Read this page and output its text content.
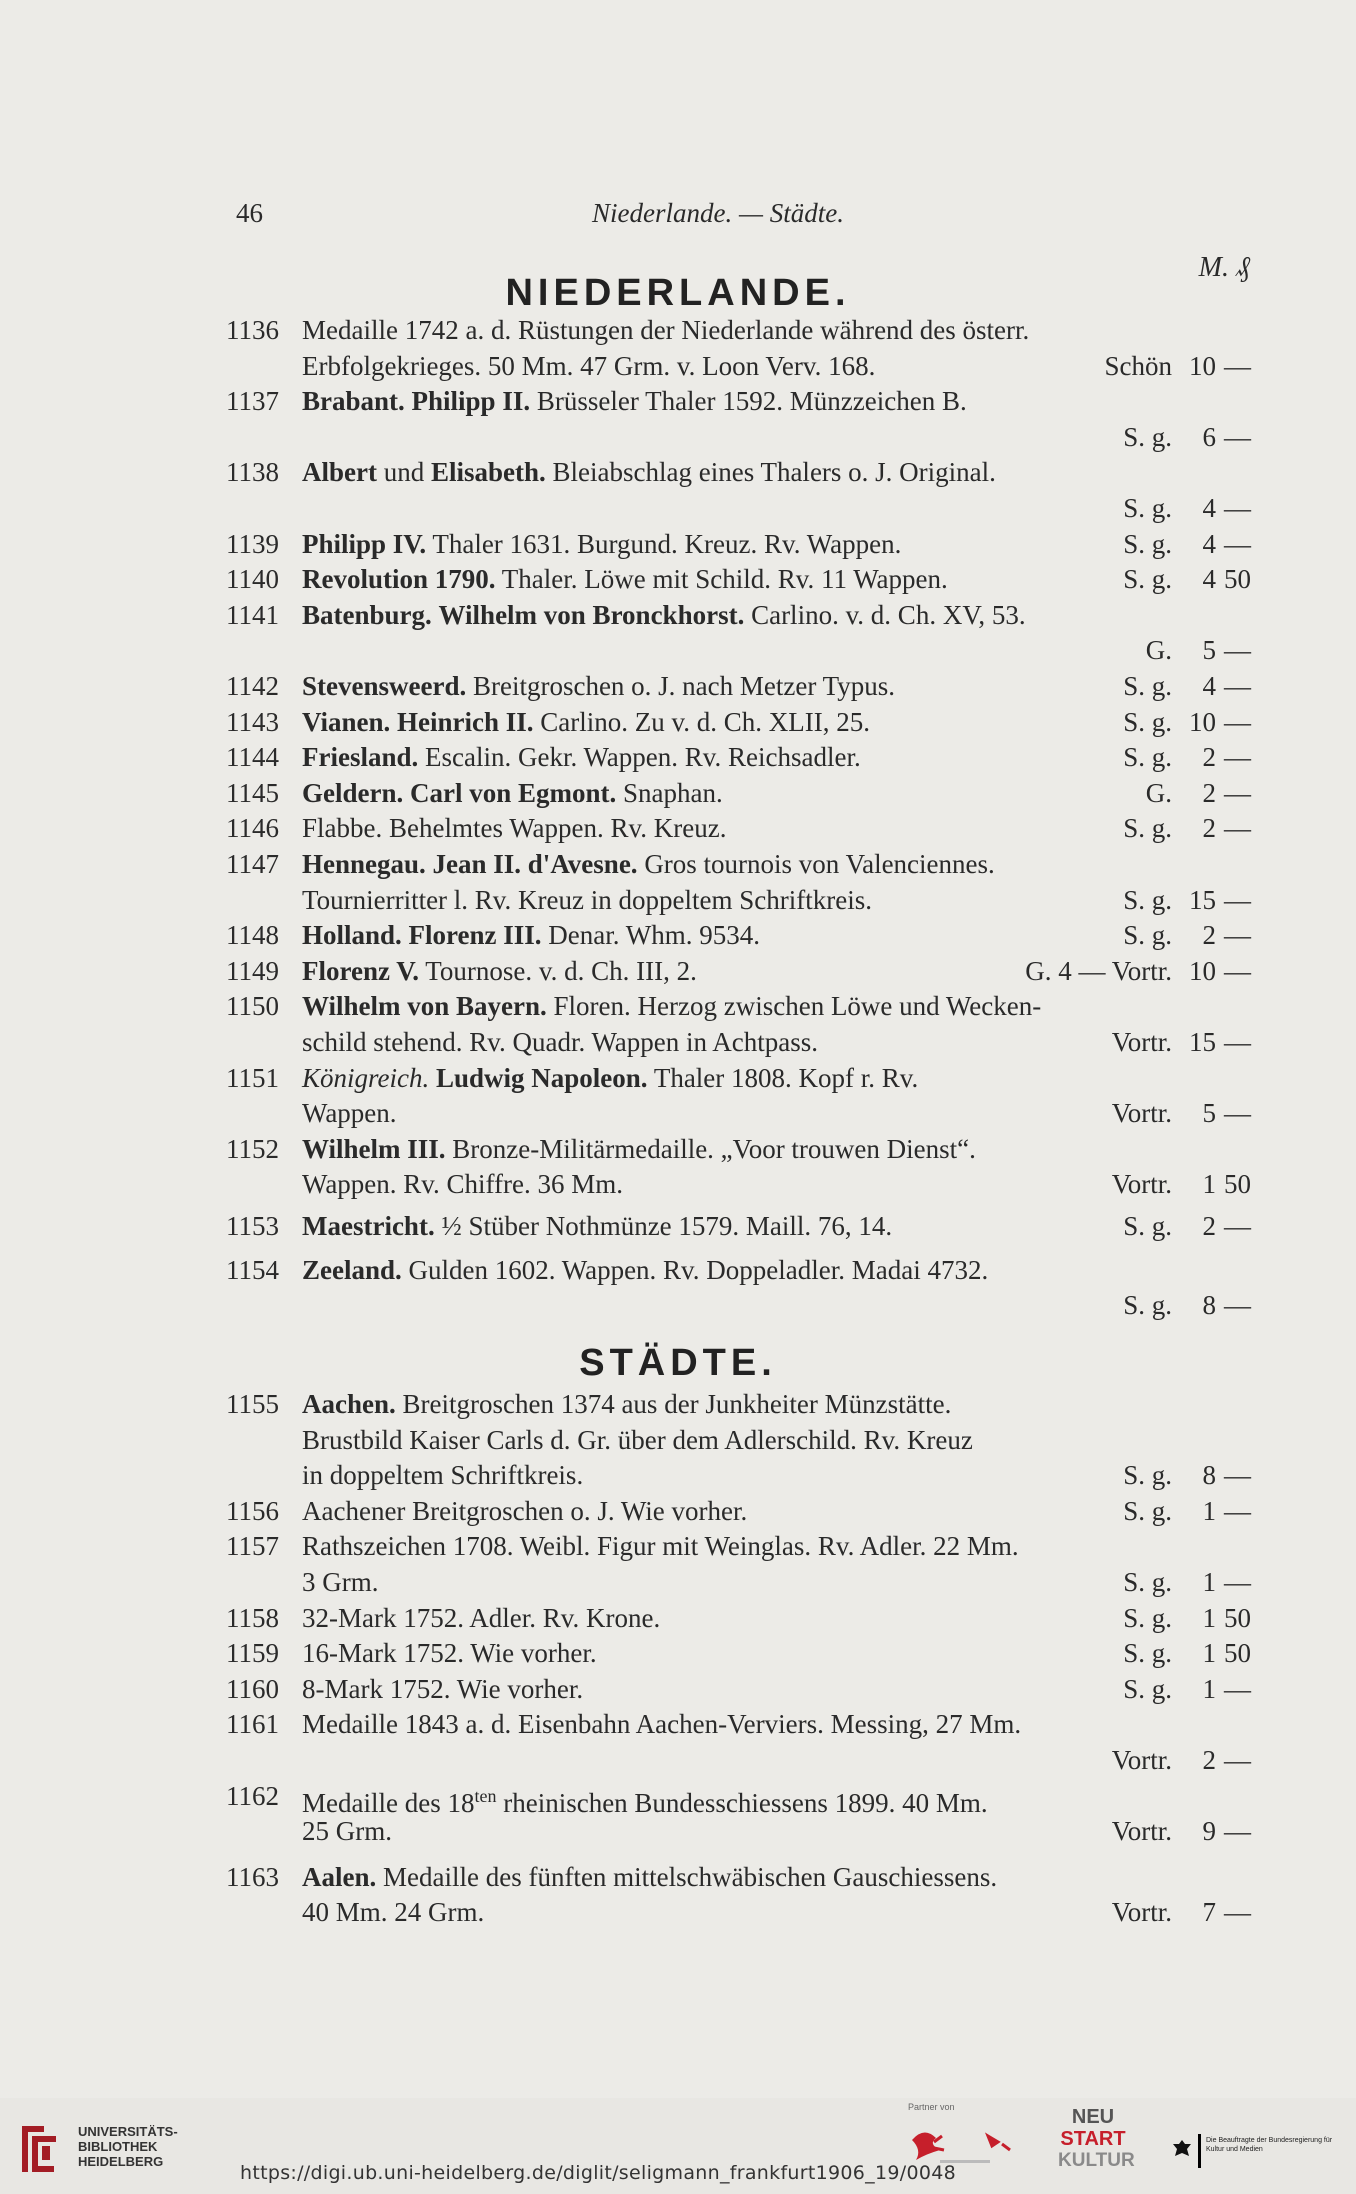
46	Niederlande. — Städte.
M. ₰
NIEDERLANDE.
1136 Medaille 1742 a. d. Rüstungen der Niederlande während des österr.
Erbfolgekrieges. 50 Mm. 47 Grm. v. Loon Verv. 168.	Schön 10 —
1137 Brabant. Philipp II. Brüsseler Thaler 1592. Münzzeichen B.
S. g.	6 —
1138 Albert und Elisabeth. Bleiabschlag eines Thalers o. J. Original.
S. g.	4 —
1139 Philipp IV. Thaler 1631. Burgund. Kreuz. Rv. Wappen.	S. g.	4 —
1140 Revolution 1790. Thaler. Löwe mit Schild. Rv. 11 Wappen.	S. g.	4 50
1141 Batenburg. Wilhelm von Bronckhorst. Carlino. v. d. Ch. XV, 53.
G.	5 —
1142 Stevensweerd. Breitgroschen o. J. nach Metzer Typus.	S. g.	4 —
1143 Vianen. Heinrich II. Carlino. Zu v. d. Ch. XLII, 25.	S. g. 10 —
1144 Friesland. Escalin. Gekr. Wappen. Rv. Reichsadler.	S. g.	2 —
1145 Geldern. Carl von Egmont. Snaphan.	G.	2 —
1146 Flabbe. Behelmtes Wappen. Rv. Kreuz.	S. g.	2 —
1147 Hennegau. Jean II. d'Avesne. Gros tournois von Valenciennes.
Tournierritter l. Rv. Kreuz in doppeltem Schriftkreis.	S. g. 15 —
1148 Holland. Florenz III. Denar. Whm. 9534.	S. g.	2 —
1149 Florenz V. Tournose. v. d. Ch. III, 2.	G. 4 — Vortr. 10 —
1150 Wilhelm von Bayern. Floren. Herzog zwischen Löwe und Wecken-
schild stehend. Rv. Quadr. Wappen in Achtpass.	Vortr. 15 —
1151 Königreich. Ludwig Napoleon. Thaler 1808. Kopf r. Rv.
Wappen.	Vortr.	5 —
1152 Wilhelm III. Bronze-Militärmedaille. „Voor trouwen Dienst“.
Wappen. Rv. Chiffre. 36 Mm.	Vortr.	1 50
1153 Maestricht. ½ Stüber Nothmünze 1579. Maill. 76, 14.	S. g.	2 —
1154 Zeeland. Gulden 1602. Wappen. Rv. Doppeladler. Madai 4732.
S. g.	8 —
STÄDTE.
1155 Aachen. Breitgroschen 1374 aus der Junkheiter Münzstätte.
Brustbild Kaiser Carls d. Gr. über dem Adlerschild. Rv. Kreuz
in doppeltem Schriftkreis.	S. g.	8 —
1156 Aachener Breitgroschen o. J. Wie vorher.	S. g.	1 —
1157 Rathszeichen 1708. Weibl. Figur mit Weinglas. Rv. Adler. 22 Mm.
3 Grm.	S. g.	1 —
1158 32-Mark 1752. Adler. Rv. Krone.	S. g.	1 50
1159 16-Mark 1752. Wie vorher.	S. g.	1 50
1160 8-Mark 1752. Wie vorher.	S. g.	1 —
1161 Medaille 1843 a. d. Eisenbahn Aachen-Verviers. Messing, 27 Mm.
Vortr.	2 —
1162 Medaille des $18^{ten}$ rheinischen Bundesschiessens 1899. 40 Mm.
25 Grm.	Vortr.	9 —
1163 Aalen. Medaille des fünften mittelschwäbischen Gauschiessens.
40 Mm. 24 Grm.	Vortr.	7 —
UNIVERSITÄTS-
BIBLIOTHEK
HEIDELBERG
Partner von	NEU
START
KULTUR
Die Beauftragte der Bundesregierung für Kultur und Medien
https://digi.ub.uni-heidelberg.de/diglit/seligmann_frankfurt1906_19/0048
